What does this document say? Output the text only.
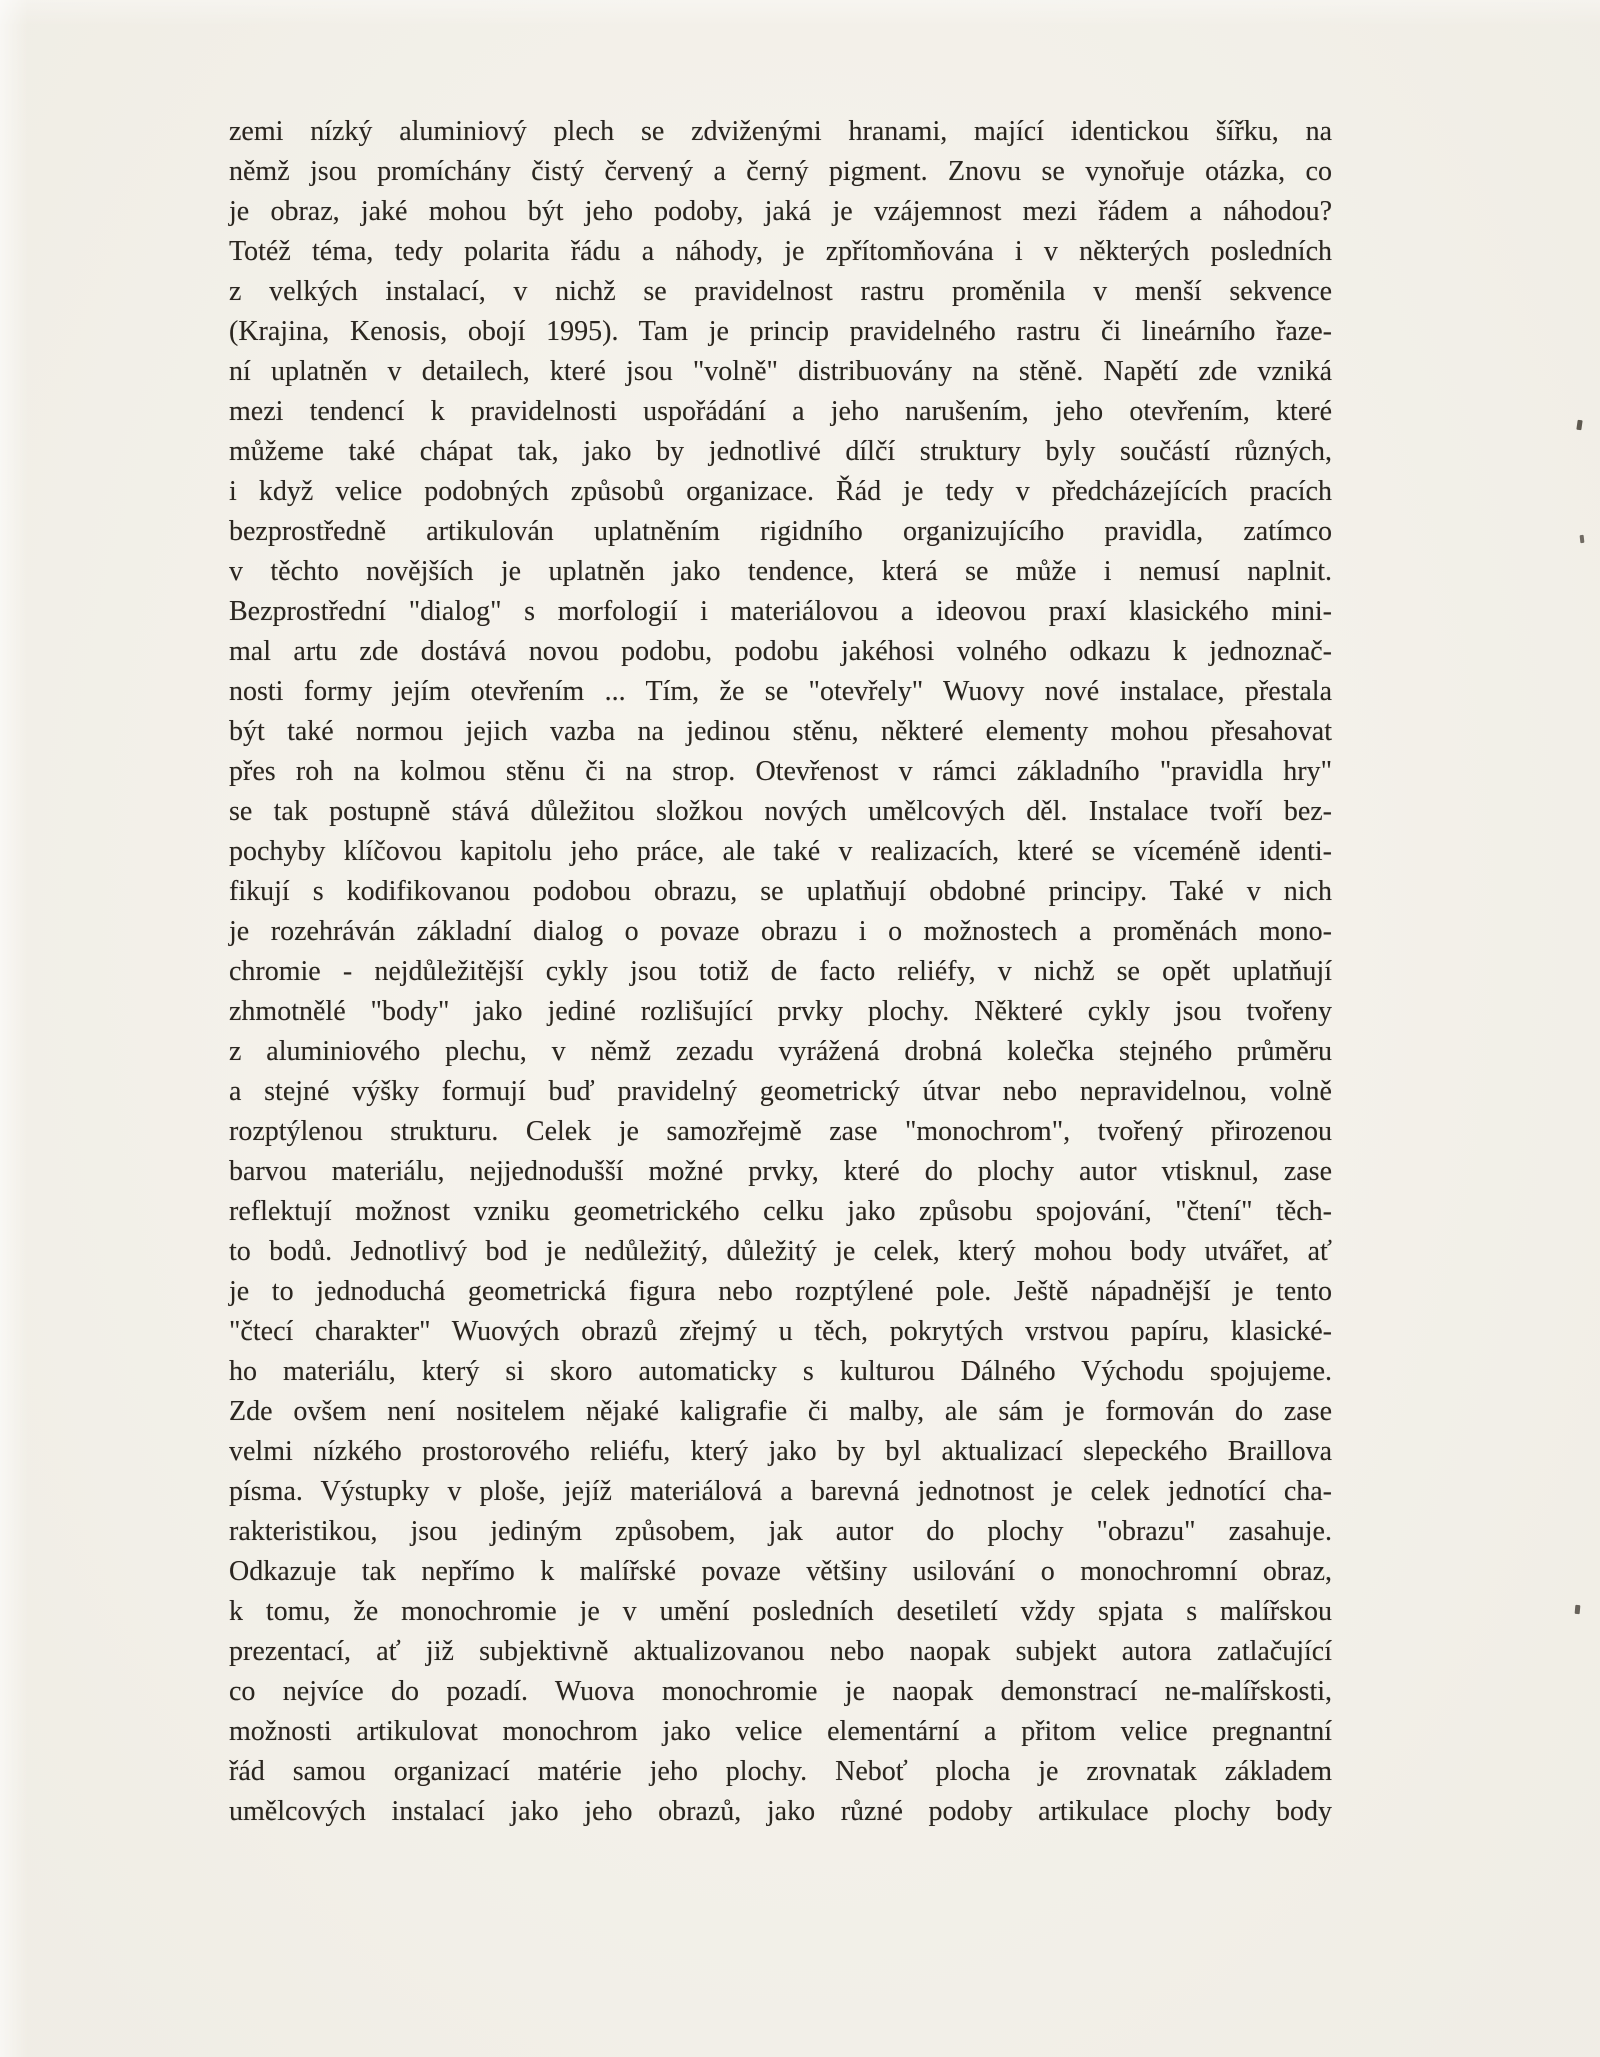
zemi nízký aluminiový plech se zdviženými hranami, mající identickou šířku, na
němž jsou promíchány čistý červený a černý pigment. Znovu se vynořuje otázka, co
je obraz, jaké mohou být jeho podoby, jaká je vzájemnost mezi řádem a náhodou?
Totéž téma, tedy polarita řádu a náhody, je zpřítomňována i v některých posledních
z velkých instalací, v nichž se pravidelnost rastru proměnila v menší sekvence
(Krajina, Kenosis, obojí 1995). Tam je princip pravidelného rastru či lineárního řaze-
ní uplatněn v detailech, které jsou "volně" distribuovány na stěně. Napětí zde vzniká
mezi tendencí k pravidelnosti uspořádání a jeho narušením, jeho otevřením, které
můžeme také chápat tak, jako by jednotlivé dílčí struktury byly součástí různých,
i když velice podobných způsobů organizace. Řád je tedy v předcházejících pracích
bezprostředně artikulován uplatněním rigidního organizujícího pravidla, zatímco
v těchto novějších je uplatněn jako tendence, která se může i nemusí naplnit.
Bezprostřední "dialog" s morfologií i materiálovou a ideovou praxí klasického mini-
mal artu zde dostává novou podobu, podobu jakéhosi volného odkazu k jednoznač-
nosti formy jejím otevřením ... Tím, že se "otevřely" Wuovy nové instalace, přestala
být také normou jejich vazba na jedinou stěnu, některé elementy mohou přesahovat
přes roh na kolmou stěnu či na strop. Otevřenost v rámci základního "pravidla hry"
se tak postupně stává důležitou složkou nových umělcových děl. Instalace tvoří bez-
pochyby klíčovou kapitolu jeho práce, ale také v realizacích, které se víceméně identi-
fikují s kodifikovanou podobou obrazu, se uplatňují obdobné principy. Také v nich
je rozehráván základní dialog o povaze obrazu i o možnostech a proměnách mono-
chromie - nejdůležitější cykly jsou totiž de facto reliéfy, v nichž se opět uplatňují
zhmotnělé "body" jako jediné rozlišující prvky plochy. Některé cykly jsou tvořeny
z aluminiového plechu, v němž zezadu vyrážená drobná kolečka stejného průměru
a stejné výšky formují buď pravidelný geometrický útvar nebo nepravidelnou, volně
rozptýlenou strukturu. Celek je samozřejmě zase "monochrom", tvořený přirozenou
barvou materiálu, nejjednodušší možné prvky, které do plochy autor vtisknul, zase
reflektují možnost vzniku geometrického celku jako způsobu spojování, "čtení" těch-
to bodů. Jednotlivý bod je nedůležitý, důležitý je celek, který mohou body utvářet, ať
je to jednoduchá geometrická figura nebo rozptýlené pole. Ještě nápadnější je tento
"čtecí charakter" Wuových obrazů zřejmý u těch, pokrytých vrstvou papíru, klasické-
ho materiálu, který si skoro automaticky s kulturou Dálného Východu spojujeme.
Zde ovšem není nositelem nějaké kaligrafie či malby, ale sám je formován do zase
velmi nízkého prostorového reliéfu, který jako by byl aktualizací slepeckého Braillova
písma. Výstupky v ploše, jejíž materiálová a barevná jednotnost je celek jednotící cha-
rakteristikou, jsou jediným způsobem, jak autor do plochy "obrazu" zasahuje.
Odkazuje tak nepřímo k malířské povaze většiny usilování o monochromní obraz,
k tomu, že monochromie je v umění posledních desetiletí vždy spjata s malířskou
prezentací, ať již subjektivně aktualizovanou nebo naopak subjekt autora zatlačující
co nejvíce do pozadí. Wuova monochromie je naopak demonstrací ne-malířskosti,
možnosti artikulovat monochrom jako velice elementární a přitom velice pregnantní
řád samou organizací matérie jeho plochy. Neboť plocha je zrovnatak základem
umělcových instalací jako jeho obrazů, jako různé podoby artikulace plochy body
